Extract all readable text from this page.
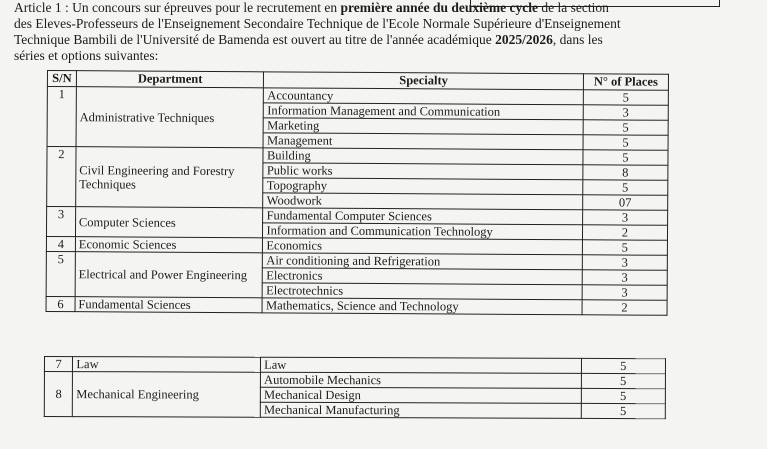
Article 1 : Un concours sur épreuves pour le recrutement en première année du deuxième cycle de la section
des Eleves-Professeurs de l'Enseignement Secondaire Technique de l'Ecole Normale Supérieure d'Enseignement
Technique Bambili de l'Université de Bamenda est ouvert au titre de l'année académique 2025/2026, dans les
séries et options suivantes:
S/N	Department	Specialty	N° of Places
1	Administrative Techniques	Accountancy	5
		Information Management and Communication	3
		Marketing	5
		Management	5
2	Civil Engineering and Forestry Techniques	Building	5
		Public works	8
		Topography	5
		Woodwork	07
3	Computer Sciences	Fundamental Computer Sciences	3
		Information and Communication Technology	2
4	Economic Sciences	Economics	5
5	Electrical and Power Engineering	Air conditioning and Refrigeration	3
		Electronics	3
		Electrotechnics	3
6	Fundamental Sciences	Mathematics, Science and Technology	2
7	Law	Law	5
8	Mechanical Engineering	Automobile Mechanics	5
		Mechanical Design	5
		Mechanical Manufacturing	5
